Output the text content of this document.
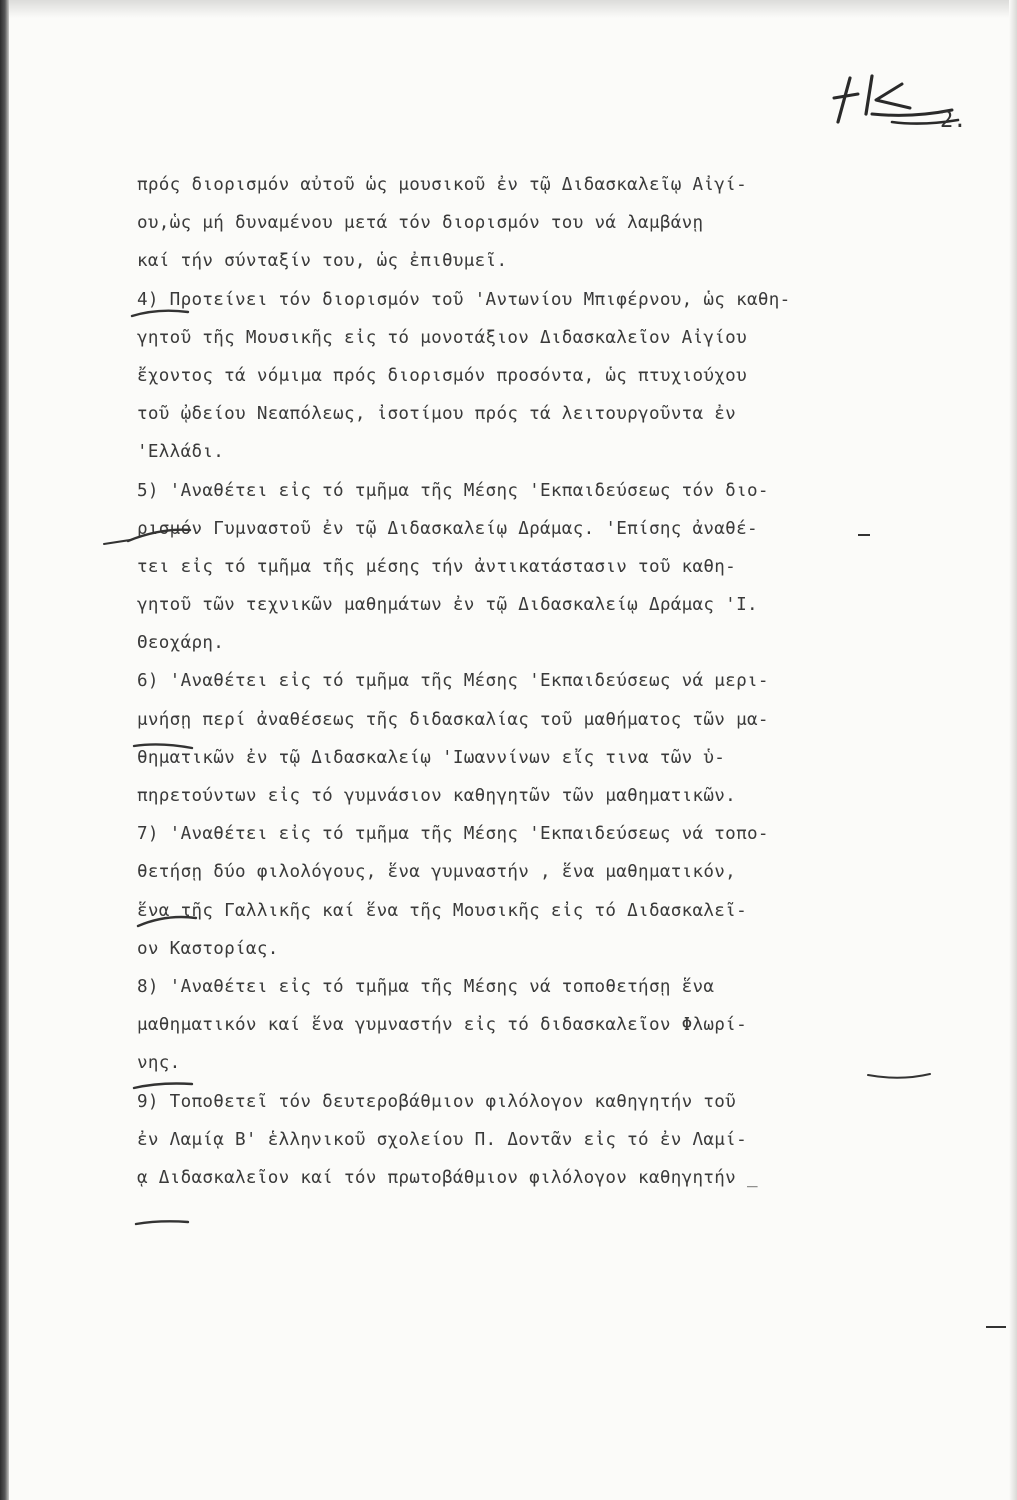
2.
πρός διορισμόν αὐτοῦ ὡς μουσικοῦ ἐν τῷ Διδασκαλεῖῳ Αἰγί-
ου,ὡς μή δυναμένου μετά τόν διορισμόν του νά λαμβάνῃ
καί τήν σύνταξίν του, ὡς ἐπιθυμεῖ.
4) Προτείνει τόν διορισμόν τοῦ 'Αντωνίου Μπιφέρνου, ὡς καθη-
γητοῦ τῆς Μουσικῆς εἰς τό μονοτάξιον Διδασκαλεῖον Αἰγίου
ἔχοντος τά νόμιμα πρός διορισμόν προσόντα, ὡς πτυχιούχου
τοῦ ᾠδείου Νεαπόλεως, ἰσοτίμου πρός τά λειτουργοῦντα ἐν
'Ελλάδι.
5) 'Αναθέτει εἰς τό τμῆμα τῆς Μέσης 'Εκπαιδεύσεως τόν διο-
ρισμόν Γυμναστοῦ ἐν τῷ Διδασκαλείῳ Δράμας. 'Επίσης ἀναθέ-
τει εἰς τό τμῆμα τῆς μέσης τήν ἀντικατάστασιν τοῦ καθη-
γητοῦ τῶν τεχνικῶν μαθημάτων ἐν τῷ Διδασκαλείῳ Δράμας 'Ι.
Θεοχάρη.
6) 'Αναθέτει εἰς τό τμῆμα τῆς Μέσης 'Εκπαιδεύσεως νά μερι-
μνήσῃ περί ἀναθέσεως τῆς διδασκαλίας τοῦ μαθήματος τῶν μα-
θηματικῶν ἐν τῷ Διδασκαλείῳ 'Ιωαννίνων εἴς τινα τῶν ὑ-
πηρετούντων εἰς τό γυμνάσιον καθηγητῶν τῶν μαθηματικῶν.
7) 'Αναθέτει εἰς τό τμῆμα τῆς Μέσης 'Εκπαιδεύσεως νά τοπο-
θετήσῃ δύο φιλολόγους, ἕνα γυμναστήν , ἕνα μαθηματικόν,
ἕνα τῆς Γαλλικῆς καί ἕνα τῆς Μουσικῆς εἰς τό Διδασκαλεῖ-
ον Καστορίας.
8) 'Αναθέτει εἰς τό τμῆμα τῆς Μέσης νά τοποθετήσῃ ἕνα
μαθηματικόν καί ἕνα γυμναστήν εἰς τό διδασκαλεῖον Φλωρί-
νης.
9) Τοποθετεῖ τόν δευτεροβάθμιον φιλόλογον καθηγητήν τοῦ
ἐν Λαμίᾳ Β' ἑλληνικοῦ σχολείου Π. Δοντᾶν εἰς τό ἐν Λαμί-
ᾳ Διδασκαλεῖον καί τόν πρωτοβάθμιον φιλόλογον καθηγητήν _
